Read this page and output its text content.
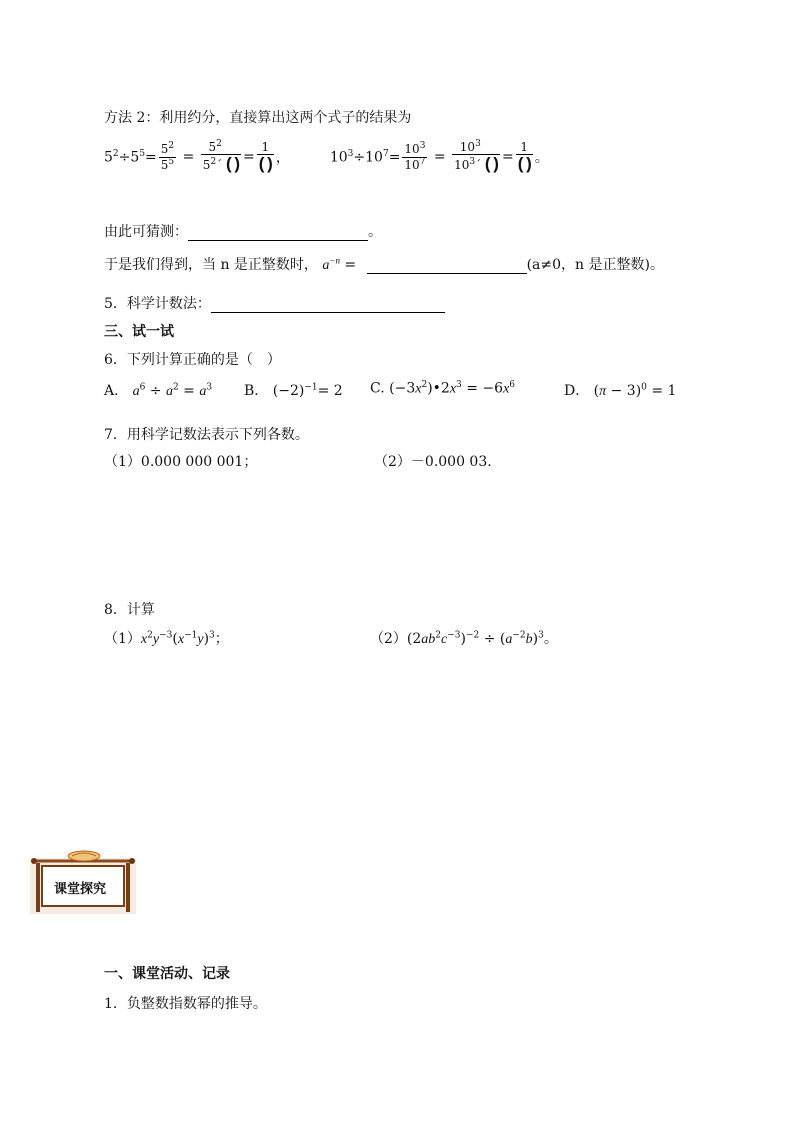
方法 2：利用约分，直接算出这两个式子的结果为
$5^2\div 5^5= \frac{5^2}{5^5} = \frac{5^2}{5^2´ ( )} = \frac{1}{( )}$ ，	$10^3\div 10^7= \frac{10^3}{10^7} = \frac{10^3}{10^3´ ( )} = \frac{1}{( )}$ 。
由此可猜测：	。
于是我们得到，当 n 是正整数时， $a^{-n}$ =	(a≠0，n 是正整数)。
5．科学计数法：
三、试一试
6．下列计算正确的是（　）
A． $a^6 \div a^2 = a^3$ B． $(-2)^{-1}= 2$ C. $(-3x^2)•2x^3 = -6x^6$	D． $(\pi - 3)^0 = 1$
7．用科学记数法表示下列各数。
（1）0.000 000 001；	（2）－0.000 03.
8．计算
$(1)x^2y^{-3}(x^{-1}y)^3$；	$(2)(2ab^2c^{-3})^{-2} \div (a^{-2}b)^3$。
课堂探究
一、课堂活动、记录
1．负整数指数幂的推导。
